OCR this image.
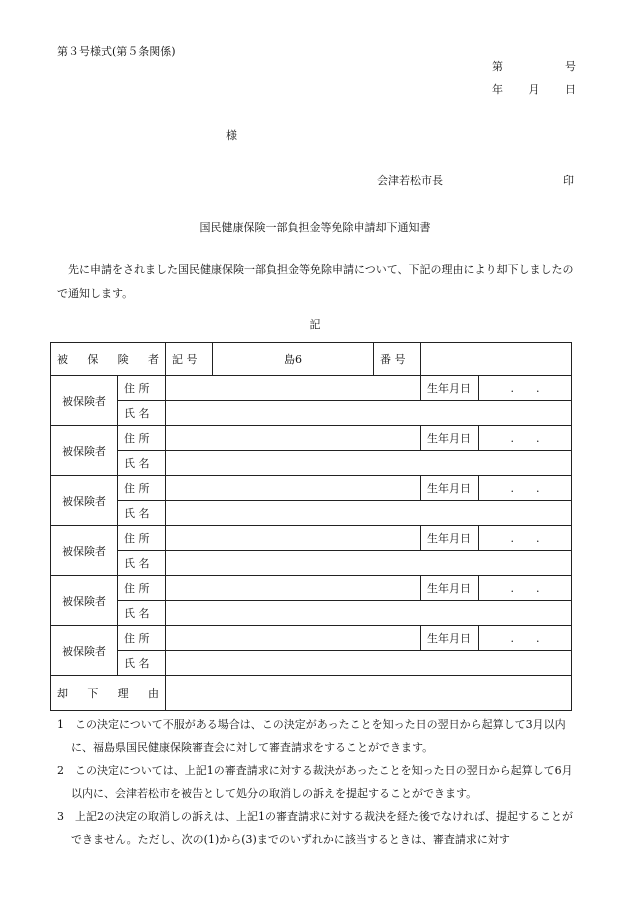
第３号様式(第５条関係)
第	号
年 月 日
様
会津若松市長	印
国民健康保険一部負担金等免除申請却下通知書
先に申請をされました国民健康保険一部負担金等免除申請について、下記の理由により却下しましたので通知します。
記
被 保 険 者		記 号	島6	番 号		
被保険者	住 所				生年月日	.　　.
	氏 名					
被保険者	住 所				生年月日	.　　.
	氏 名					
被保険者	住 所				生年月日	.　　.
	氏 名					
被保険者	住 所				生年月日	.　　.
	氏 名					
被保険者	住 所				生年月日	.　　.
	氏 名					
被保険者	住 所				生年月日	.　　.
	氏 名					

却 下 理 由						

1　この決定について不服がある場合は、この決定があったことを知った日の翌日から起算して3月以内に、福島県国民健康保険審査会に対して審査請求をすることができます。

2　この決定については、上記1の審査請求に対する裁決があったことを知った日の翌日から起算して6月以内に、会津若松市を被告として処分の取消しの訴えを提起することができます。

3　上記2の決定の取消しの訴えは、上記1の審査請求に対する裁決を経た後でなければ、提起することができません。ただし、次の(1)から(3)までのいずれかに該当するときは、審査請求に対す
